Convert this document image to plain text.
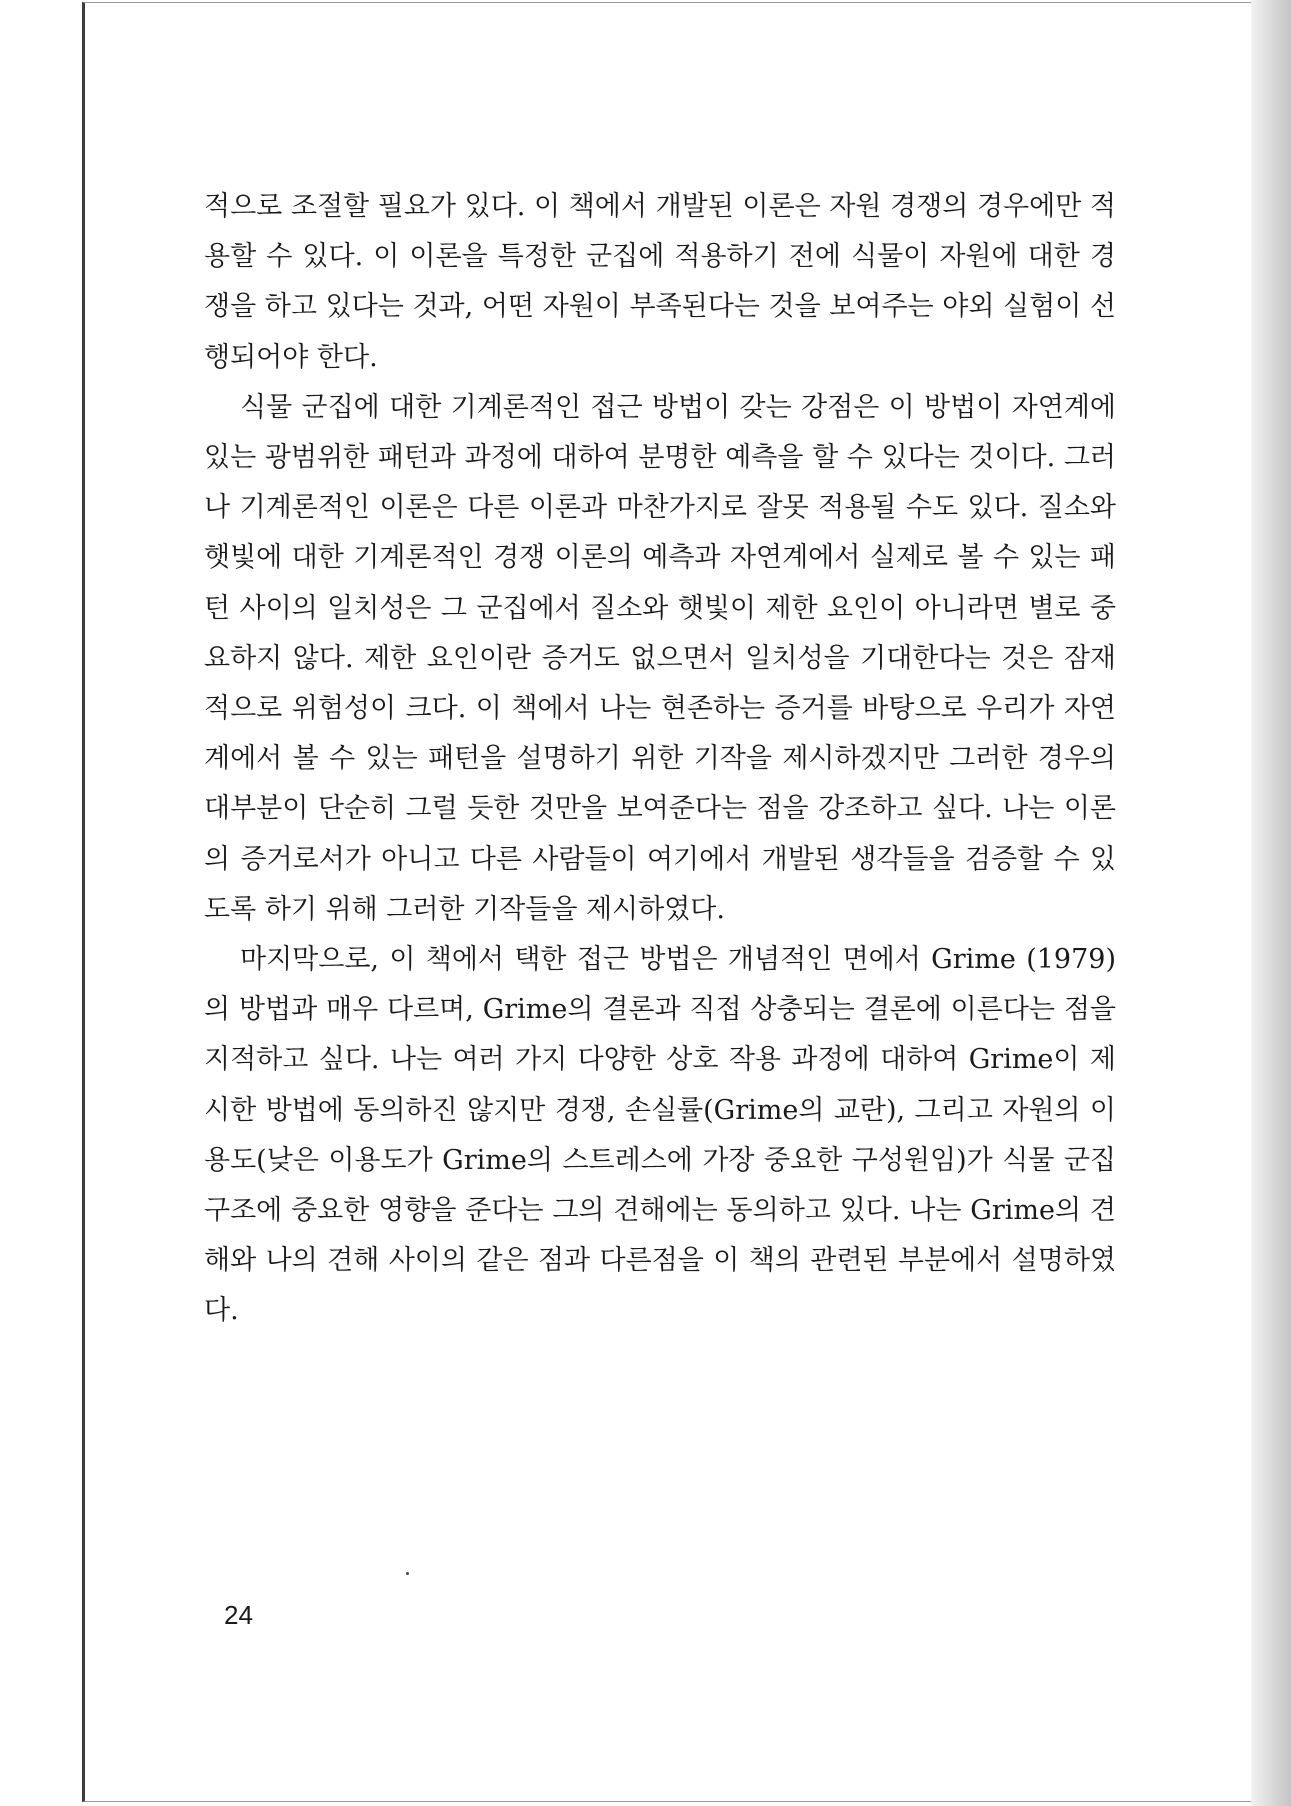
적으로 조절할 필요가 있다. 이 책에서 개발된 이론은 자원 경쟁의 경우에만 적용할 수 있다. 이 이론을 특정한 군집에 적용하기 전에 식물이 자원에 대한 경쟁을 하고 있다는 것과, 어떤 자원이 부족된다는 것을 보여주는 야외 실험이 선행되어야 한다.

식물 군집에 대한 기계론적인 접근 방법이 갖는 강점은 이 방법이 자연계에 있는 광범위한 패턴과 과정에 대하여 분명한 예측을 할 수 있다는 것이다. 그러나 기계론적인 이론은 다른 이론과 마찬가지로 잘못 적용될 수도 있다. 질소와 햇빛에 대한 기계론적인 경쟁 이론의 예측과 자연계에서 실제로 볼 수 있는 패턴 사이의 일치성은 그 군집에서 질소와 햇빛이 제한 요인이 아니라면 별로 중요하지 않다. 제한 요인이란 증거도 없으면서 일치성을 기대한다는 것은 잠재적으로 위험성이 크다. 이 책에서 나는 현존하는 증거를 바탕으로 우리가 자연계에서 볼 수 있는 패턴을 설명하기 위한 기작을 제시하겠지만 그러한 경우의 대부분이 단순히 그럴 듯한 것만을 보여준다는 점을 강조하고 싶다. 나는 이론의 증거로서가 아니고 다른 사람들이 여기에서 개발된 생각들을 검증할 수 있도록 하기 위해 그러한 기작들을 제시하였다.

마지막으로, 이 책에서 택한 접근 방법은 개념적인 면에서 Grime (1979)의 방법과 매우 다르며, Grime의 결론과 직접 상충되는 결론에 이른다는 점을 지적하고 싶다. 나는 여러 가지 다양한 상호 작용 과정에 대하여 Grime이 제시한 방법에 동의하진 않지만 경쟁, 손실률(Grime의 교란), 그리고 자원의 이용도(낮은 이용도가 Grime의 스트레스에 가장 중요한 구성원임)가 식물 군집 구조에 중요한 영향을 준다는 그의 견해에는 동의하고 있다. 나는 Grime의 견해와 나의 견해 사이의 같은 점과 다른점을 이 책의 관련된 부분에서 설명하였다.

24
